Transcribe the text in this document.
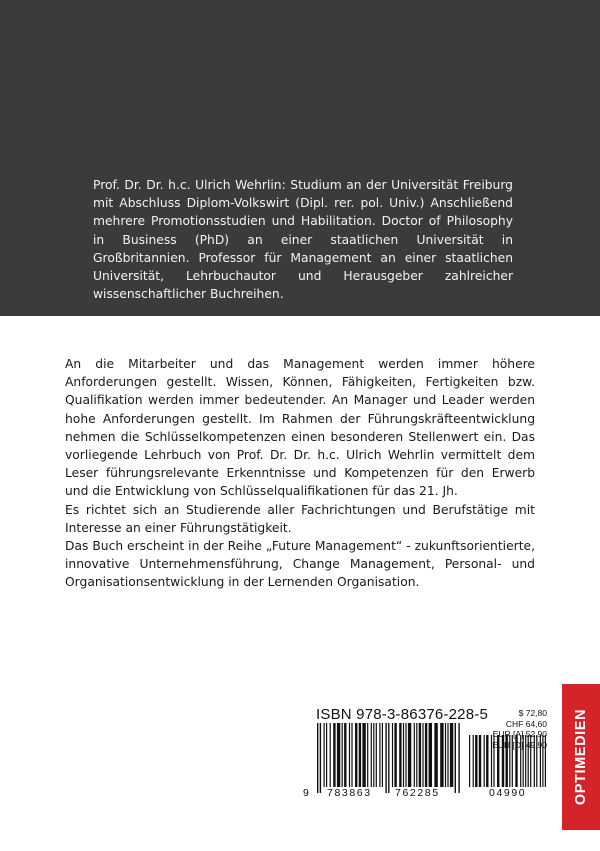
Prof. Dr. Dr. h.c. Ulrich Wehrlin: Studium an der Universität Freiburg mit Abschluss Diplom-Volkswirt (Dipl. rer. pol. Univ.) Anschließend mehrere Promotionsstudien und Habilitation. Doctor of Philosophy in Business (PhD) an einer staatlichen Universität in Großbritannien. Professor für Management an einer staatlichen Universität, Lehrbuchautor und Herausgeber zahlreicher wissenschaftlicher Buchreihen.

An die Mitarbeiter und das Management werden immer höhere Anforderungen gestellt. Wissen, Können, Fähigkeiten, Fertigkeiten bzw. Qualifikation werden immer bedeutender. An Manager und Leader werden hohe Anforderungen gestellt. Im Rahmen der Führungskräfteentwicklung nehmen die Schlüsselkompetenzen einen besonderen Stellenwert ein. Das vorliegende Lehrbuch von Prof. Dr. Dr. h.c. Ulrich Wehrlin vermittelt dem Leser führungsrelevante Erkenntnisse und Kompetenzen für den Erwerb und die Entwicklung von Schlüsselqualifikationen für das 21. Jh.

Es richtet sich an Studierende aller Fachrichtungen und Berufstätige mit Interesse an einer Führungstätigkeit.

Das Buch erscheint in der Reihe „Future Management“ - zukunftsorientierte, innovative Unternehmensführung, Change Management, Personal- und Organisationsentwicklung in der Lernenden Organisation.

ISBN 978-3-86376-228-5	$ 72,80
CHF 64,60
EUR [A] 52,90
EUR [D] 49,90
9 783863 762285	04990	OPTIMEDIEN
